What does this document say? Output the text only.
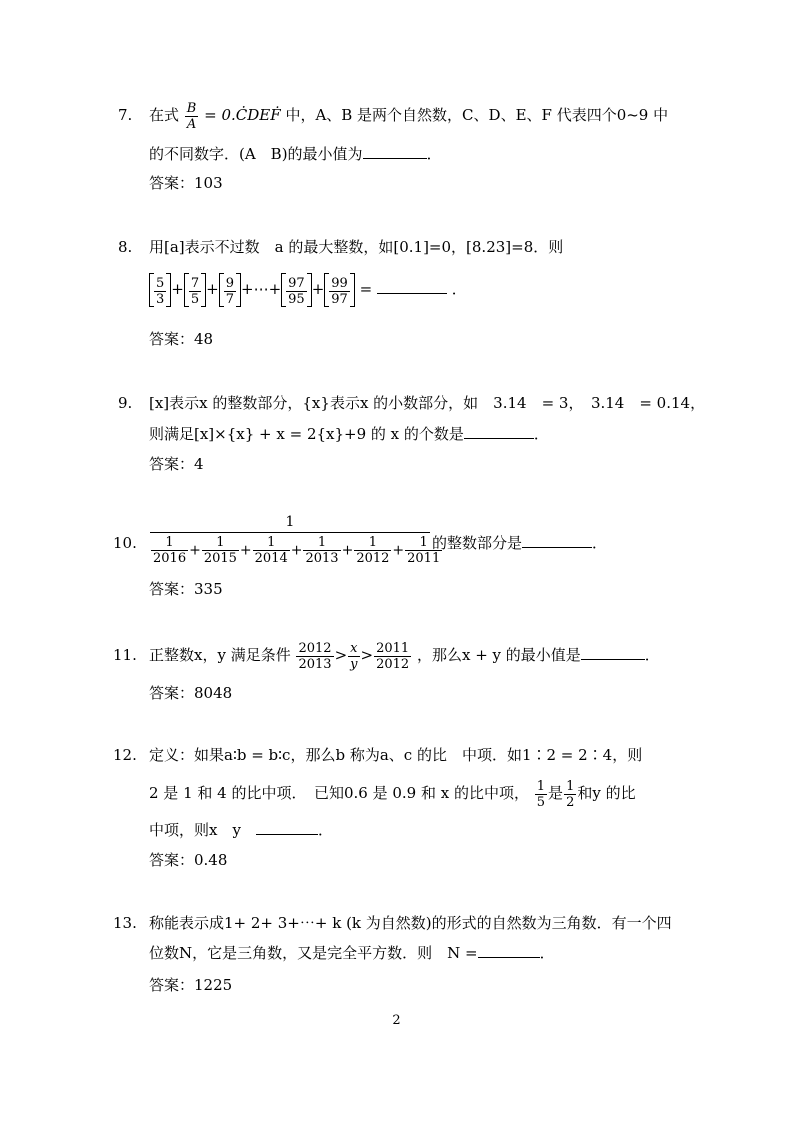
7. 在式 $\frac{B}{A}$ = 0.ĊDEḞ 中，A、B 是两个自然数，C、D、E、F 代表四个0~9 中
的不同数字．(A　B)的最小值为	．
答案：103
8. 用[a]表示不过数　a 的最大整数，如[0.1]=0，[8.23]=8．则
$\frac{5}{3} + \frac{7}{5} + \frac{9}{7}$ +⋯+ $\frac{97}{95} + \frac{99}{97}$ =	．
答案：48
9. [x]表示x 的整数部分，{x}表示x 的小数部分，如　3.14　= 3，　3.14　= 0.14，
则满足[x]×{x} + x = 2{x}+9 的 x 的个数是	．
答案：4
10. $\frac{1}{\frac{1}{2016} + \frac{1}{2015} + \frac{1}{2014} + \frac{1}{2013} + \frac{1}{2012} + \frac{1}{2011}}$
的整数部分是	．
答案：335
11. 正整数x，y 满足条件 $\frac{2012}{2013} > \frac{x}{y} > \frac{2011}{2012}$ ，那么x + y 的最小值是	．
答案：8048
12. 定义：如果a∶b = b∶c，那么b 称为a、c 的比　中项．如1∶2 = 2∶4，则
2 是 1 和 4 的比中项．　已知0.6 是 0.9 和 x 的比中项， $\frac{1}{5}$ 是 $\frac{1}{2}$ 和y 的比
中项，则x　y　	．
答案：0.48
13. 称能表示成1+ 2+ 3+⋯+ k (k 为自然数)的形式的自然数为三角数．有一个四
位数N，它是三角数，又是完全平方数．则　N =	．
答案：1225
2
